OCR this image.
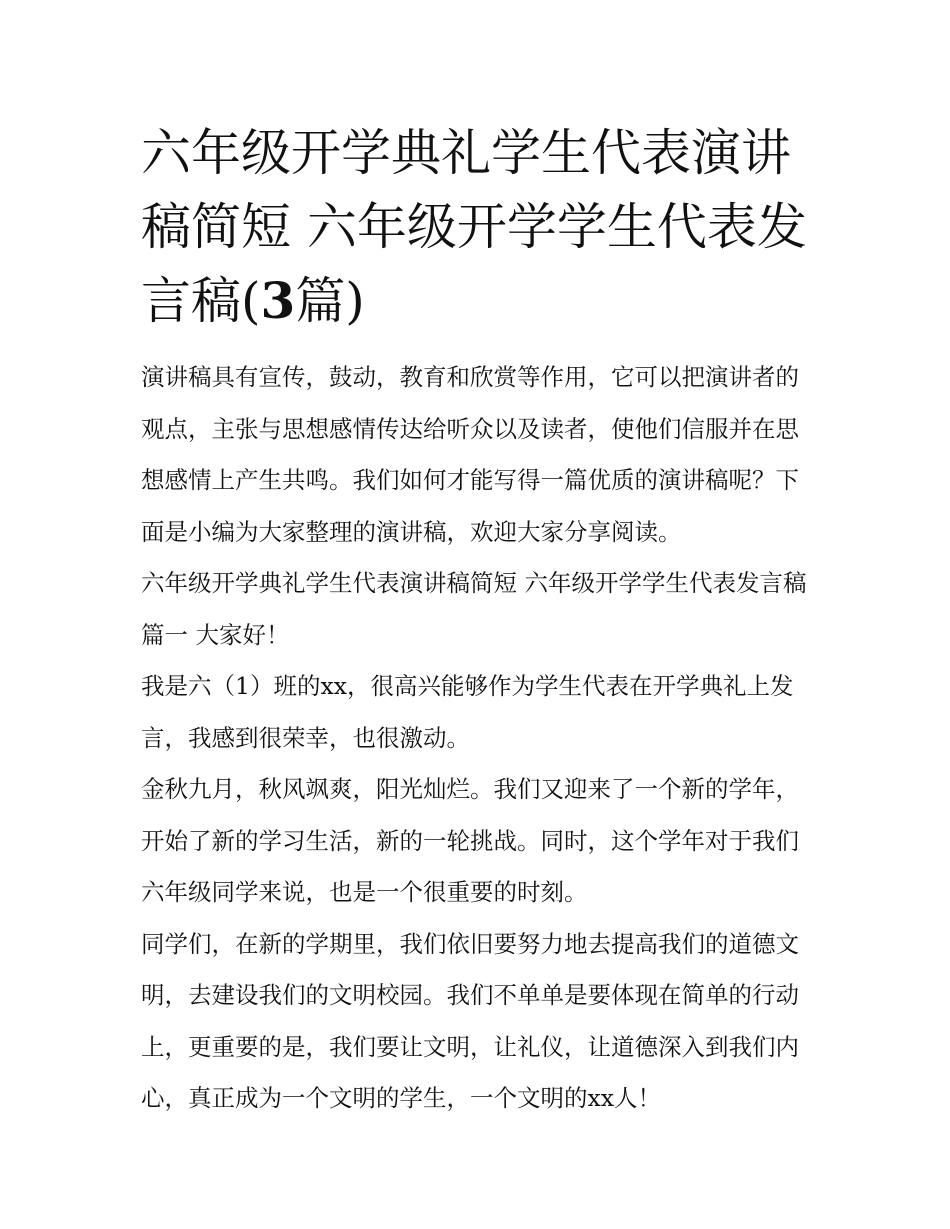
六年级开学典礼学生代表演讲稿简短 六年级开学学生代表发言稿(3篇)

演讲稿具有宣传，鼓动，教育和欣赏等作用，它可以把演讲者的观点，主张与思想感情传达给听众以及读者，使他们信服并在思想感情上产生共鸣。我们如何才能写得一篇优质的演讲稿呢？下面是小编为大家整理的演讲稿，欢迎大家分享阅读。

六年级开学典礼学生代表演讲稿简短 六年级开学学生代表发言稿篇一 大家好！

我是六（1）班的xx，很高兴能够作为学生代表在开学典礼上发言，我感到很荣幸，也很激动。

金秋九月，秋风飒爽，阳光灿烂。我们又迎来了一个新的学年，开始了新的学习生活，新的一轮挑战。同时，这个学年对于我们六年级同学来说，也是一个很重要的时刻。

同学们，在新的学期里，我们依旧要努力地去提高我们的道德文明，去建设我们的文明校园。我们不单单是要体现在简单的行动上，更重要的是，我们要让文明，让礼仪，让道德深入到我们内心，真正成为一个文明的学生，一个文明的xx人！
